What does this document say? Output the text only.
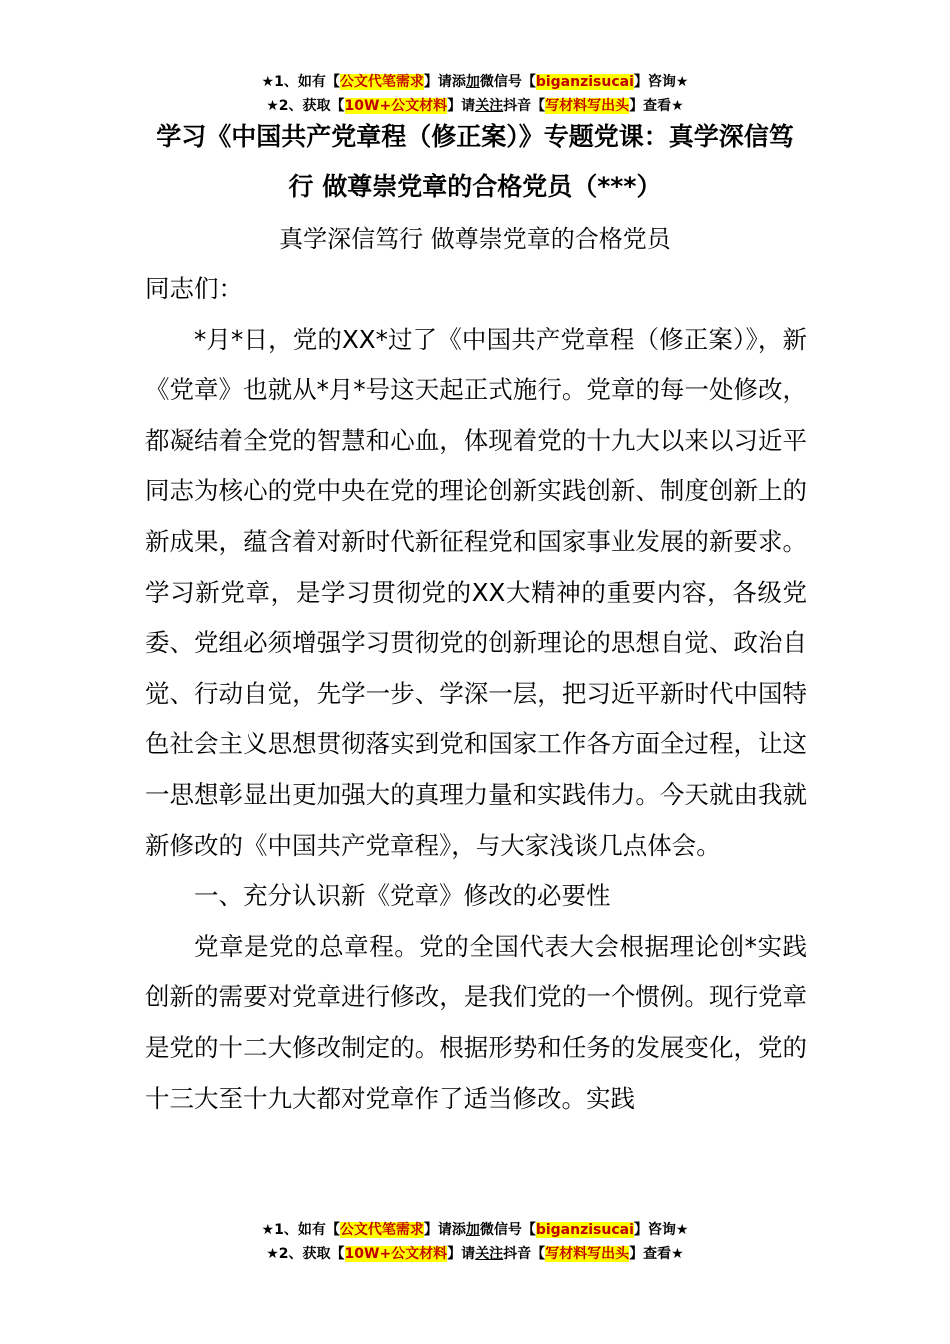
★1、如有【公文代笔需求】请添加微信号【biganzisucai】咨询★
★2、获取【10W+公文材料】请关注抖音【写材料写出头】查看★
学习《中国共产党章程（修正案）》专题党课：真学深信笃行 做尊崇党章的合格党员（***）
真学深信笃行 做尊崇党章的合格党员

同志们：

*月*日，党的XX*过了《中国共产党章程（修正案）》，新《党章》也就从*月*号这天起正式施行。党章的每一处修改，都凝结着全党的智慧和心血，体现着党的十九大以来以习近平同志为核心的党中央在党的理论创新实践创新、制度创新上的新成果，蕴含着对新时代新征程党和国家事业发展的新要求。学习新党章，是学习贯彻党的XX大精神的重要内容，各级党委、党组必须增强学习贯彻党的创新理论的思想自觉、政治自觉、行动自觉，先学一步、学深一层，把习近平新时代中国特色社会主义思想贯彻落实到党和国家工作各方面全过程，让这一思想彰显出更加强大的真理力量和实践伟力。今天就由我就新修改的《中国共产党章程》，与大家浅谈几点体会。

一、充分认识新《党章》修改的必要性

党章是党的总章程。党的全国代表大会根据理论创*实践创新的需要对党章进行修改，是我们党的一个惯例。现行党章是党的十二大修改制定的。根据形势和任务的发展变化，党的十三大至十九大都对党章作了适当修改。实践

★1、如有【公文代笔需求】请添加微信号【biganzisucai】咨询★
★2、获取【10W+公文材料】请关注抖音【写材料写出头】查看★
